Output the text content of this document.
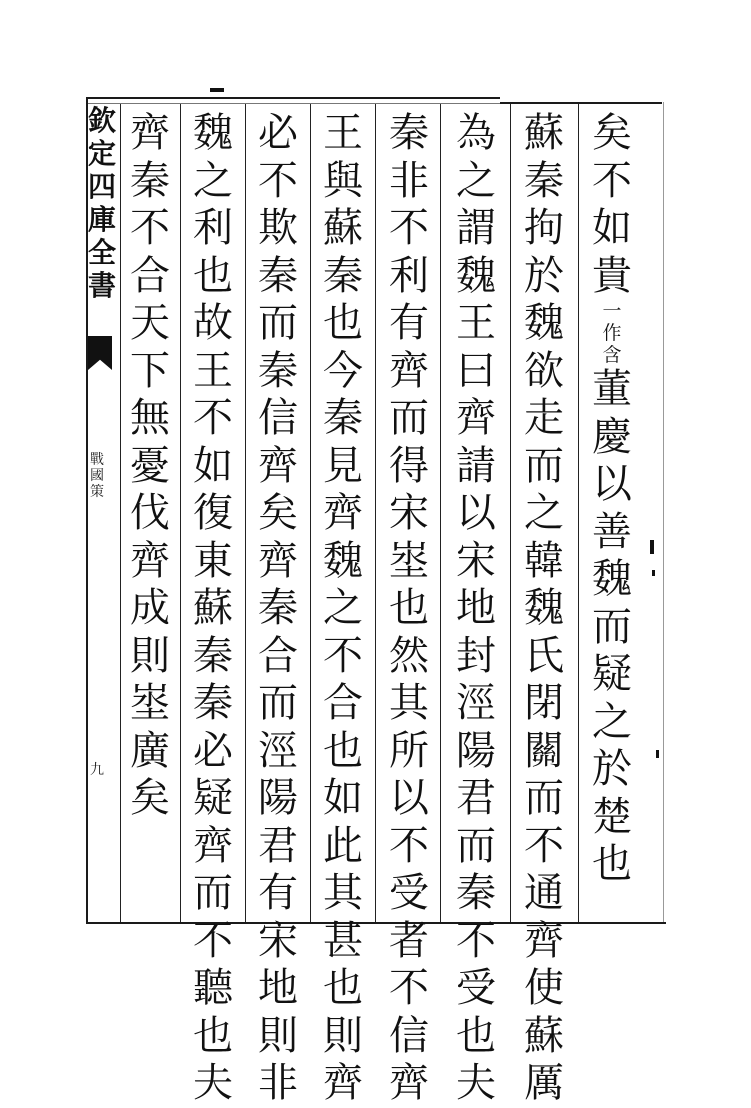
矣不如貴一作含董慶以善魏而疑之於楚也
蘇秦拘於魏欲走而之韓魏氏閉關而不通齊使蘇厲
為之謂魏王曰齊請以宋地封涇陽君而秦不受也夫
秦非不利有齊而得宋埊也然其所以不受者不信齊
王與蘇秦也今秦見齊魏之不合也如此其甚也則齊
必不欺秦而秦信齊矣齊秦合而涇陽君有宋地則非
魏之利也故王不如復東蘇秦秦必疑齊而不聽也夫
齊秦不合天下無憂伐齊成則埊廣矣
欽定四庫全書
戰國策
九
